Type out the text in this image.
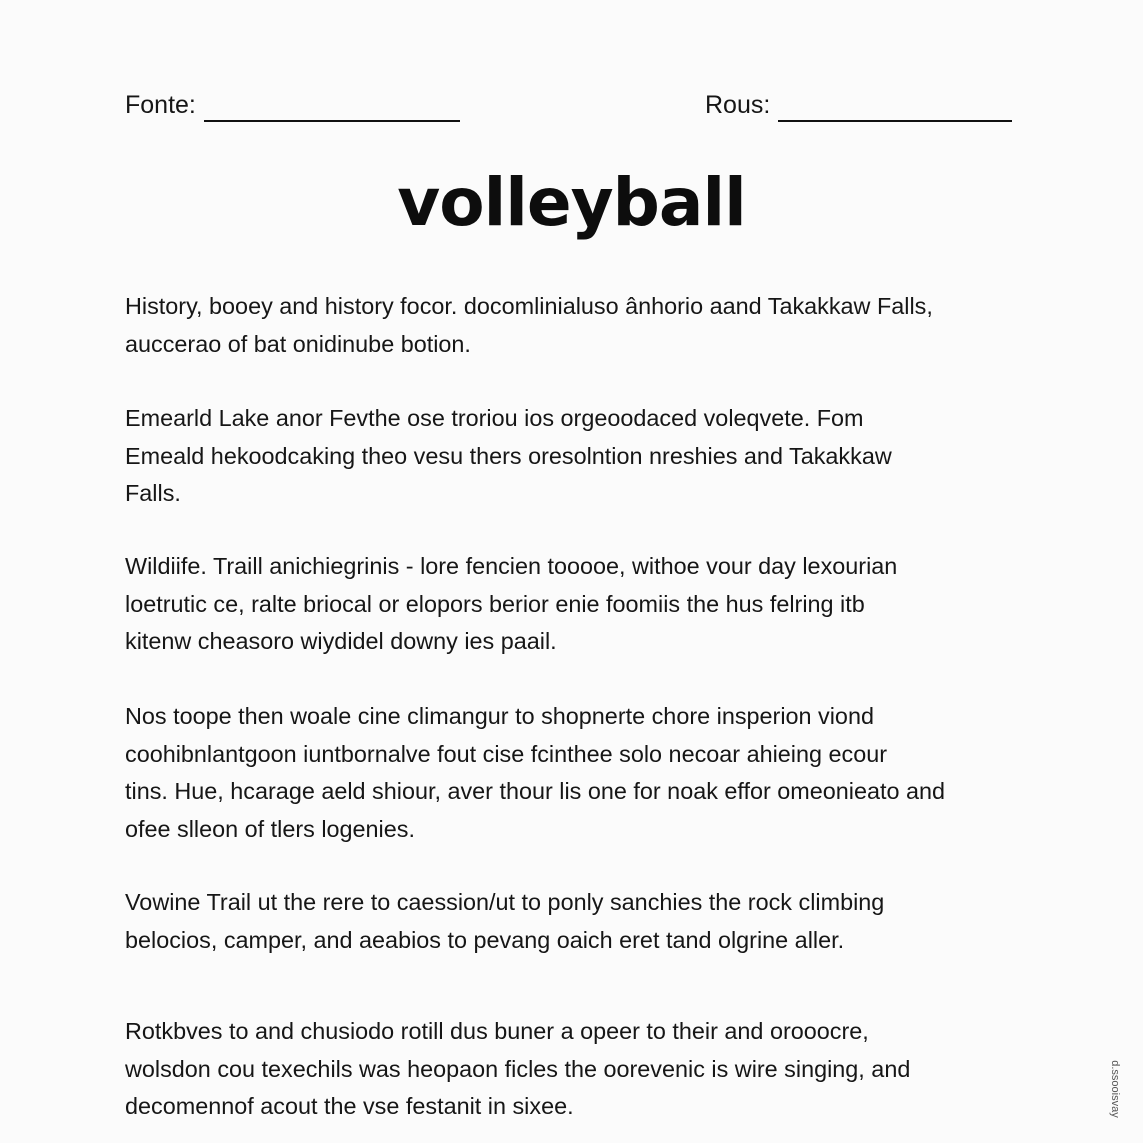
Fonte:	Rous:
volleyball

History, booey and history focor. docomlinialuso ânhorio aand Takakkaw Falls,
auccerao of bat onidinube botion.

Emearld Lake anor Fevthe ose troriou ios orgeoodaced voleqvete. Fom
Emeald hekoodcaking theo vesu thers oresolntion nreshies and Takakkaw
Falls.

Wildiife. Traill anichiegrinis - lore fencien tooooe, withoe vour day lexourian
loetrutic ce, ralte briocal or elopors berior enie foomiis the hus felring itb
kitenw cheasoro wiydidel downy ies paail.

Nos toope then woale cine climangur to shopnerte chore insperion viond
coohibnlantgoon iuntbornalve fout cise fcinthee solo necoar ahieing ecour
tins. Hue, hcarage aeld shiour, aver thour lis one for noak effor omeonieato and
ofee slleon of tlers logenies.

Vowine Trail ut the rere to caession/ut to ponly sanchies the rock climbing
belocios, camper, and aeabios to pevang oaich eret tand olgrine aller.

Rotkbves to and chusiodo rotill dus buner a opeer to their and orooocre,
wolsdon cou texechils was heopaon ficles the oorevenic is wire singing, and
decomennof acout the vse festanit in sixee.	d.ssooisvay
